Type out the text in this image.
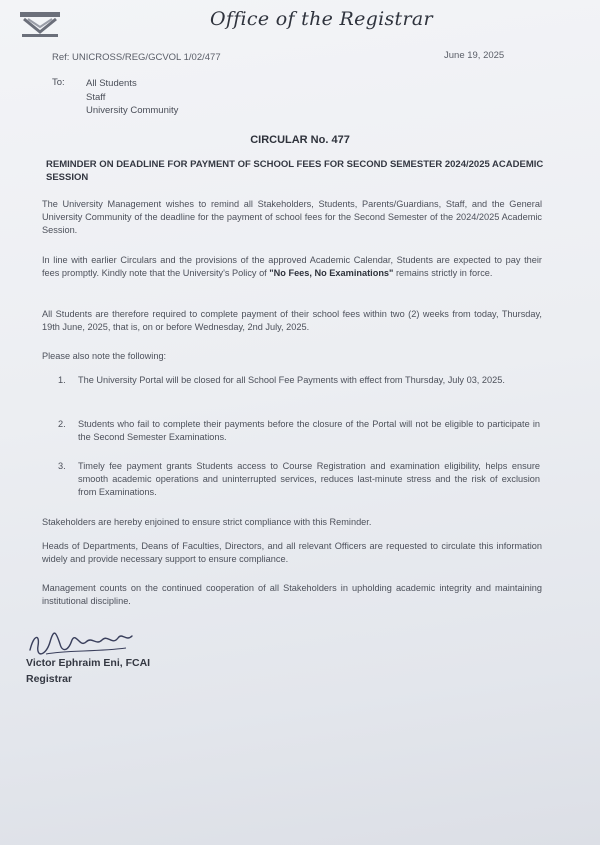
Office of the Registrar
Ref: UNICROSS/REG/GCVOL 1/02/477	June 19, 2025
To: All Students
Staff
University Community
CIRCULAR No. 477
REMINDER ON DEADLINE FOR PAYMENT OF SCHOOL FEES FOR SECOND SEMESTER 2024/2025 ACADEMIC SESSION
The University Management wishes to remind all Stakeholders, Students, Parents/Guardians, Staff, and the General University Community of the deadline for the payment of school fees for the Second Semester of the 2024/2025 Academic Session.
In line with earlier Circulars and the provisions of the approved Academic Calendar, Students are expected to pay their fees promptly. Kindly note that the University's Policy of "No Fees, No Examinations" remains strictly in force.
All Students are therefore required to complete payment of their school fees within two (2) weeks from today, Thursday, 19th June, 2025, that is, on or before Wednesday, 2nd July, 2025.
Please also note the following:
1.	The University Portal will be closed for all School Fee Payments with effect from Thursday, July 03, 2025.
2.	Students who fail to complete their payments before the closure of the Portal will not be eligible to participate in the Second Semester Examinations.
3.	Timely fee payment grants Students access to Course Registration and examination eligibility, helps ensure smooth academic operations and uninterrupted services, reduces last-minute stress and the risk of exclusion from Examinations.
Stakeholders are hereby enjoined to ensure strict compliance with this Reminder.
Heads of Departments, Deans of Faculties, Directors, and all relevant Officers are requested to circulate this information widely and provide necessary support to ensure compliance.
Management counts on the continued cooperation of all Stakeholders in upholding academic integrity and maintaining institutional discipline.
Victor Ephraim Eni, FCAI
Registrar
